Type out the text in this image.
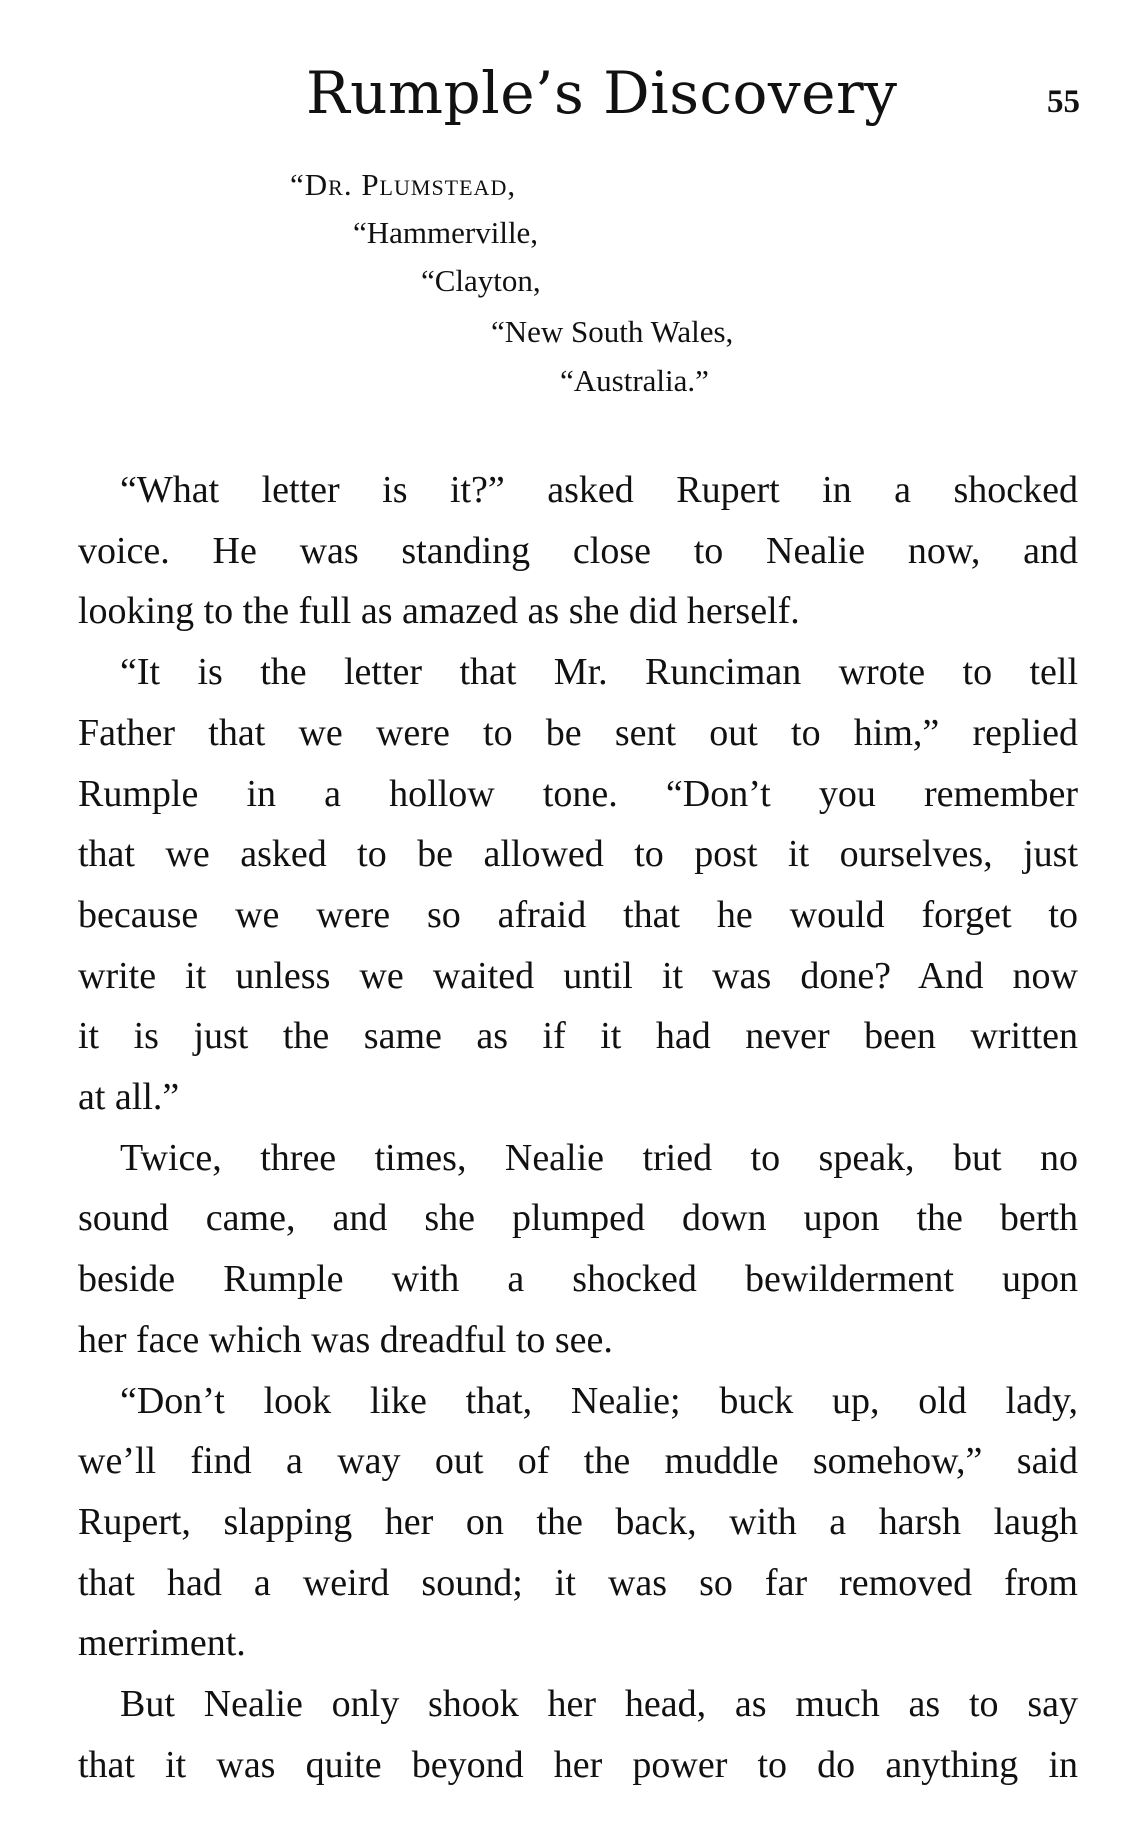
Rumple’s Discovery	55
“Dr. Plumstead,
“Hammerville,
“Clayton,
“New South Wales,
“Australia.”

“What letter is it?” asked Rupert in a shocked
voice. He was standing close to Nealie now, and
looking to the full as amazed as she did herself.

“It is the letter that Mr. Runciman wrote to tell
Father that we were to be sent out to him,” replied
Rumple in a hollow tone. “Don’t you remember
that we asked to be allowed to post it ourselves, just
because we were so afraid that he would forget to
write it unless we waited until it was done? And now
it is just the same as if it had never been written
at all.”

Twice, three times, Nealie tried to speak, but no
sound came, and she plumped down upon the berth
beside Rumple with a shocked bewilderment upon
her face which was dreadful to see.

“Don’t look like that, Nealie; buck up, old lady,
we’ll find a way out of the muddle somehow,” said
Rupert, slapping her on the back, with a harsh laugh
that had a weird sound; it was so far removed from
merriment.

But Nealie only shook her head, as much as to say
that it was quite beyond her power to do anything in
